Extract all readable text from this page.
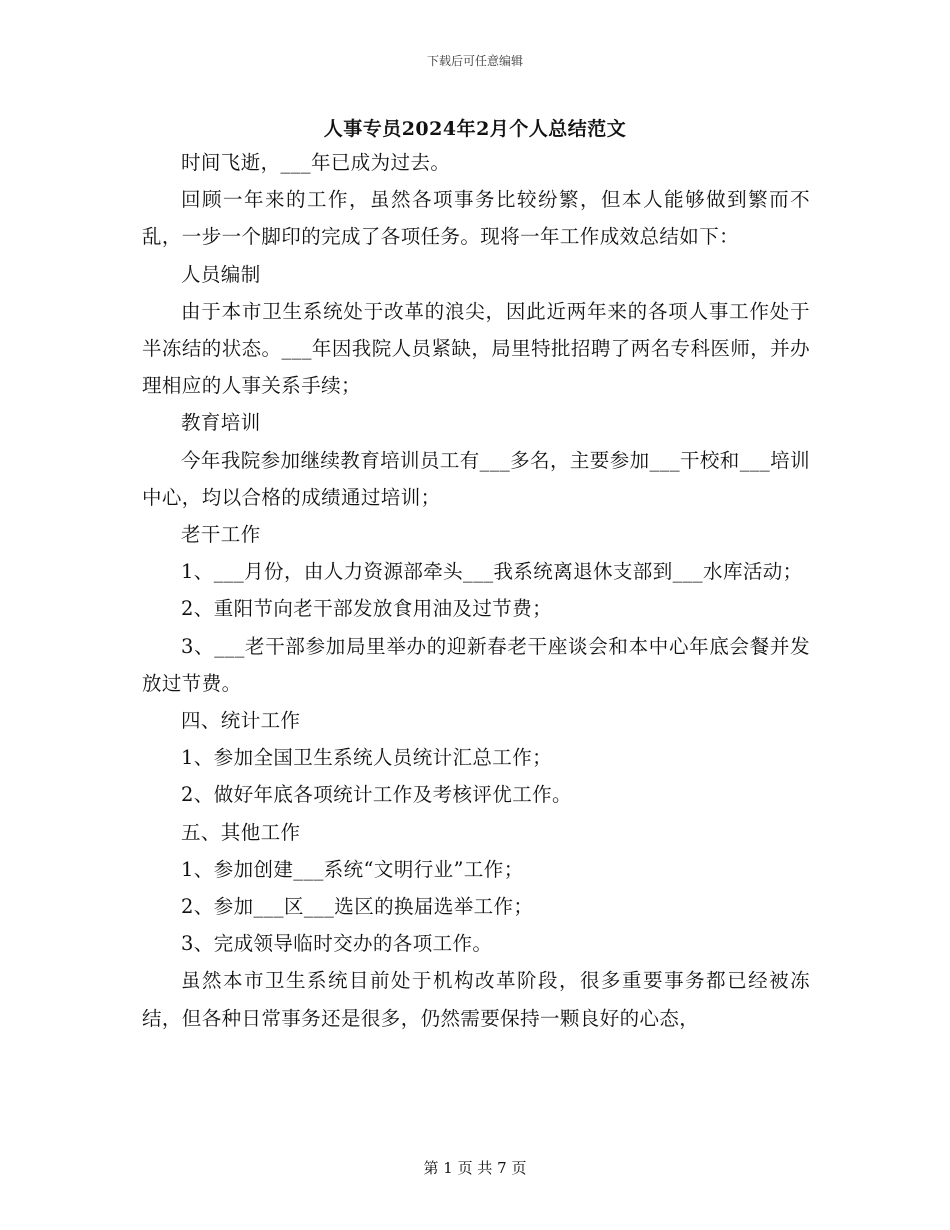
下载后可任意编辑
人事专员2024年2月个人总结范文

时间飞逝，___年已成为过去。

回顾一年来的工作，虽然各项事务比较纷繁，但本人能够做到繁而不乱，一步一个脚印的完成了各项任务。现将一年工作成效总结如下：

人员编制

由于本市卫生系统处于改革的浪尖，因此近两年来的各项人事工作处于半冻结的状态。___年因我院人员紧缺，局里特批招聘了两名专科医师，并办理相应的人事关系手续；

教育培训

今年我院参加继续教育培训员工有___多名，主要参加___干校和___培训中心，均以合格的成绩通过培训；

老干工作

1、___月份，由人力资源部牵头___我系统离退休支部到___水库活动；

2、重阳节向老干部发放食用油及过节费；

3、___老干部参加局里举办的迎新春老干座谈会和本中心年底会餐并发放过节费。

四、统计工作

1、参加全国卫生系统人员统计汇总工作；

2、做好年底各项统计工作及考核评优工作。

五、其他工作

1、参加创建___系统“文明行业”工作；

2、参加___区___选区的换届选举工作；

3、完成领导临时交办的各项工作。

虽然本市卫生系统目前处于机构改革阶段，很多重要事务都已经被冻结，但各种日常事务还是很多，仍然需要保持一颗良好的心态，

第 1 页 共 7 页
